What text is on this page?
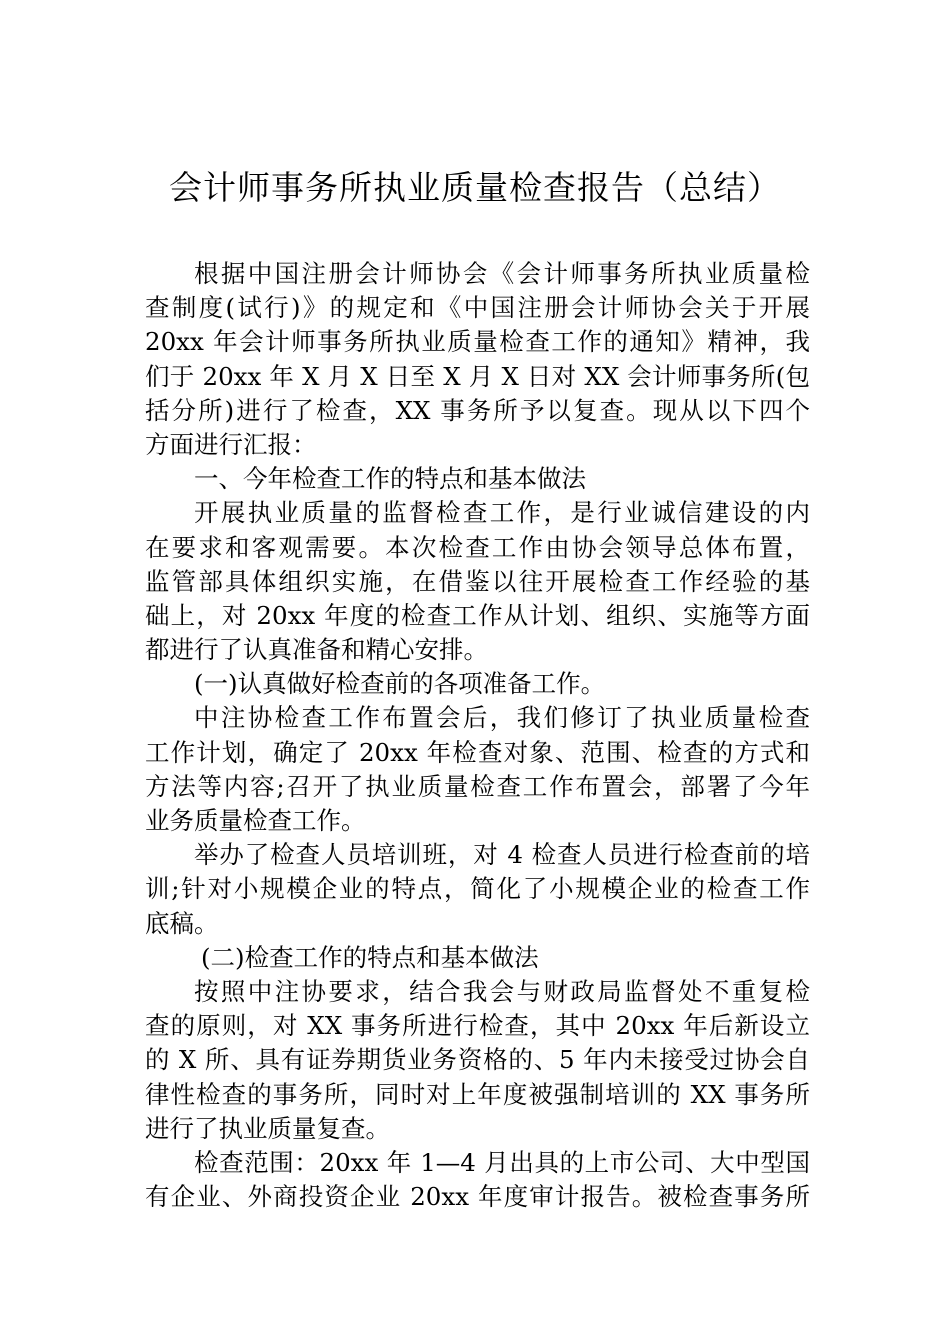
会计师事务所执业质量检查报告（总结）
根据中国注册会计师协会《会计师事务所执业质量检
查制度(试行)》的规定和《中国注册会计师协会关于开展
20xx 年会计师事务所执业质量检查工作的通知》精神，我
们于 20xx 年 X 月 X 日至 X 月 X 日对 XX 会计师事务所(包
括分所)进行了检查，XX 事务所予以复查。现从以下四个
方面进行汇报：
一、今年检查工作的特点和基本做法
开展执业质量的监督检查工作，是行业诚信建设的内
在要求和客观需要。本次检查工作由协会领导总体布置，
监管部具体组织实施，在借鉴以往开展检查工作经验的基
础上，对 20xx 年度的检查工作从计划、组织、实施等方面
都进行了认真准备和精心安排。
(一)认真做好检查前的各项准备工作。
中注协检查工作布置会后，我们修订了执业质量检查
工作计划，确定了 20xx 年检查对象、范围、检查的方式和
方法等内容;召开了执业质量检查工作布置会，部署了今年
业务质量检查工作。
举办了检查人员培训班，对 4 检查人员进行检查前的培
训;针对小规模企业的特点，简化了小规模企业的检查工作
底稿。
(二)检查工作的特点和基本做法
按照中注协要求，结合我会与财政局监督处不重复检
查的原则，对 XX 事务所进行检查，其中 20xx 年后新设立
的 X 所、具有证券期货业务资格的、5 年内未接受过协会自
律性检查的事务所，同时对上年度被强制培训的 XX 事务所
进行了执业质量复查。
检查范围：20xx 年 1—4 月出具的上市公司、大中型国
有企业、外商投资企业 20xx 年度审计报告。被检查事务所
